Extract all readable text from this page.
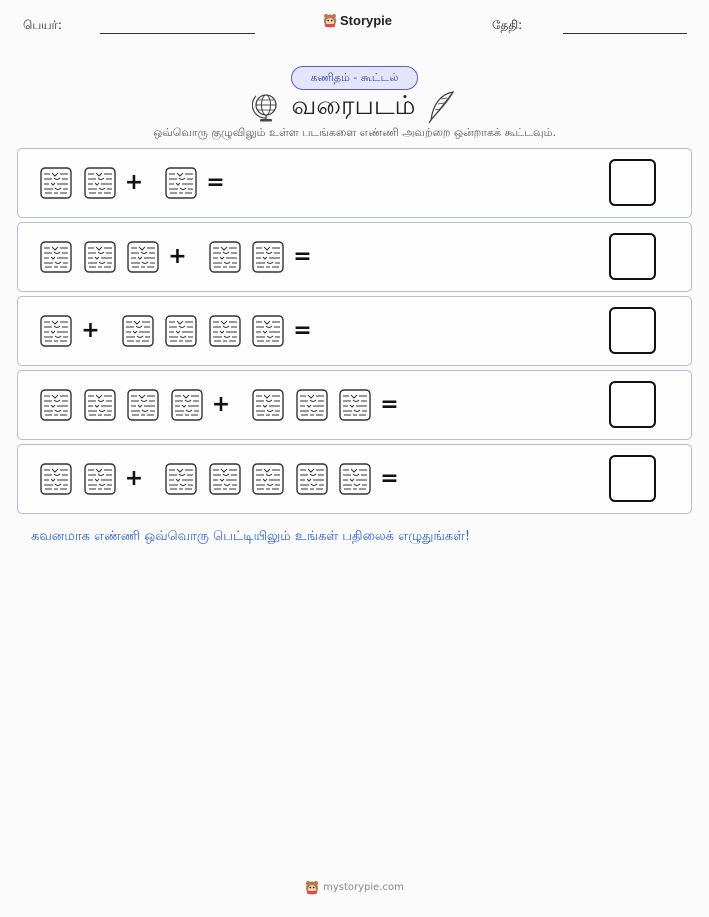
பெயர்:	Storypie	தேதி:
கணிதம் - கூட்டல்
வரைபடம்
ஒவ்வொரு குழுவிலும் உள்ள படங்களை எண்ணி அவற்றை ஒன்றாகக் கூட்டவும்.
+	=
+	=
+	=
+	=
+	=
கவனமாக எண்ணி ஒவ்வொரு பெட்டியிலும் உங்கள் பதிலைக் எழுதுங்கள்!
mystorypie.com
